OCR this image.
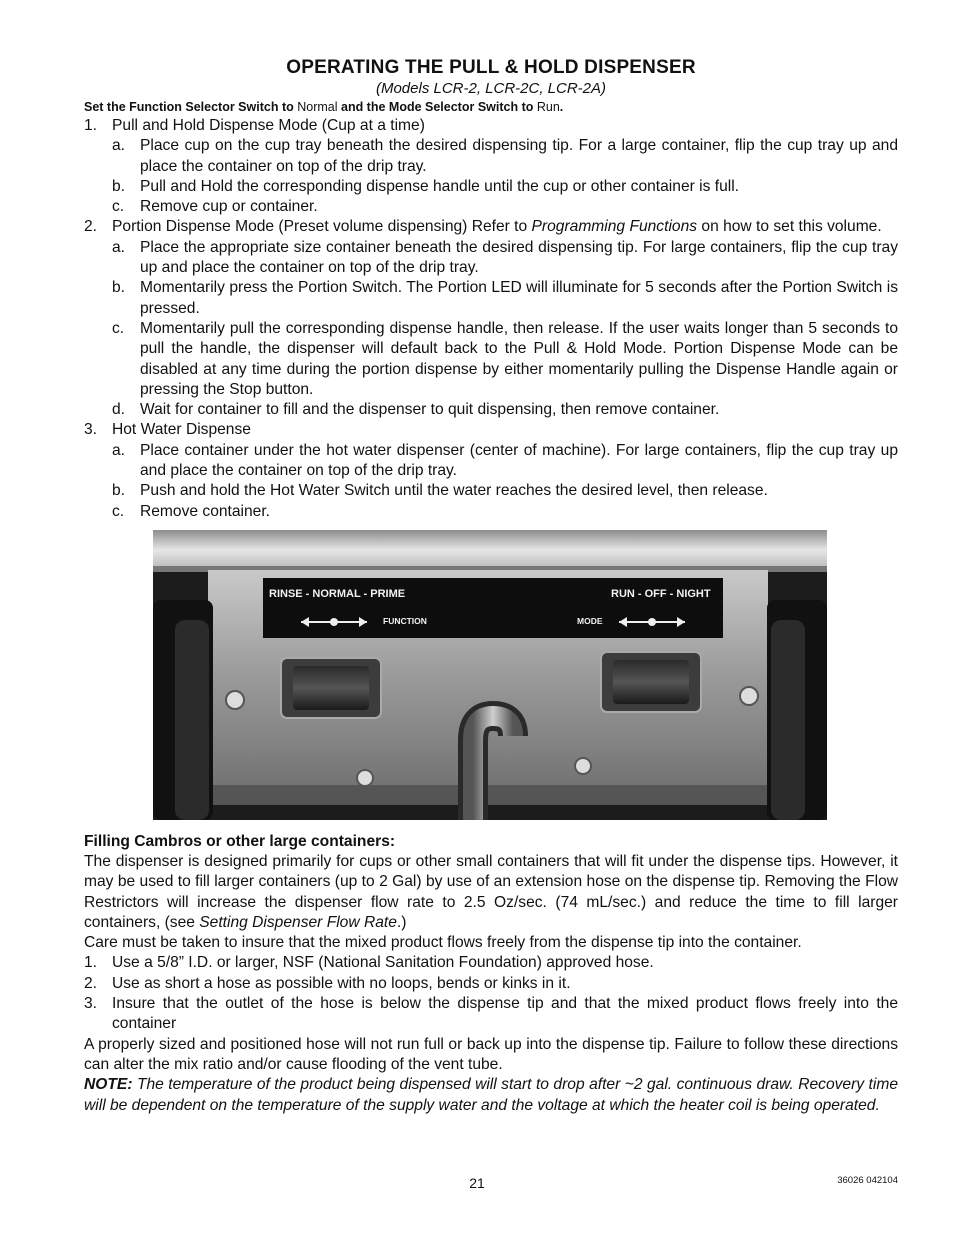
OPERATING THE PULL & HOLD DISPENSER
(Models LCR-2, LCR-2C, LCR-2A)
Set the Function Selector Switch to Normal and the Mode Selector Switch to Run.
1. Pull and Hold Dispense Mode (Cup at a time)
a. Place cup on the cup tray beneath the desired dispensing tip. For a large container, flip the cup tray up and place the container on top of the drip tray.
b. Pull and Hold the corresponding dispense handle until the cup or other container is full.
c.	Remove cup or container.
2. Portion Dispense Mode (Preset volume dispensing) Refer to Programming Functions on how to set this volume.
a. Place the appropriate size container beneath the desired dispensing tip. For large containers, flip the cup tray up and place the container on top of the drip tray.
b. Momentarily press the Portion Switch. The Portion LED will illuminate for 5 seconds after the Portion Switch is pressed.
c.	Momentarily pull the corresponding dispense handle, then release. If the user waits longer than 5 seconds to pull the handle, the dispenser will default back to the Pull & Hold Mode. Portion Dispense Mode can be disabled at any time during the portion dispense by either momentarily pulling the Dispense Handle again or pressing the Stop button.
d. Wait for container to fill and the dispenser to quit dispensing, then remove container.
3. Hot Water Dispense
a. Place container under the hot water dispenser (center of machine). For large containers, flip the cup tray up and place the container on top of the drip tray.
b. Push and hold the Hot Water Switch until the water reaches the desired level, then release.
c.	Remove container.
RINSE - NORMAL - PRIME
FUNCTION
RUN - OFF - NIGHT
MODE
Filling Cambros or other large containers:
The dispenser is designed primarily for cups or other small containers that will fit under the dispense tips. However, it may be used to fill larger containers (up to 2 Gal) by use of an extension hose on the dispense tip. Removing the Flow Restrictors will increase the dispenser flow rate to 2.5 Oz/sec. (74 mL/sec.) and reduce the time to fill larger containers, (see Setting Dispenser Flow Rate.)
Care must be taken to insure that the mixed product flows freely from the dispense tip into the container.
1. Use a 5/8” I.D. or larger, NSF (National Sanitation Foundation) approved hose.
2. Use as short a hose as possible with no loops, bends or kinks in it.
3. Insure that the outlet of the hose is below the dispense tip and that the mixed product flows freely into the container
A properly sized and positioned hose will not run full or back up into the dispense tip. Failure to follow these directions can alter the mix ratio and/or cause flooding of the vent tube.
NOTE: The temperature of the product being dispensed will start to drop after ~2 gal. continuous draw. Recovery time will be dependent on the temperature of the supply water and the voltage at which the heater coil is being operated.
21	36026 042104
